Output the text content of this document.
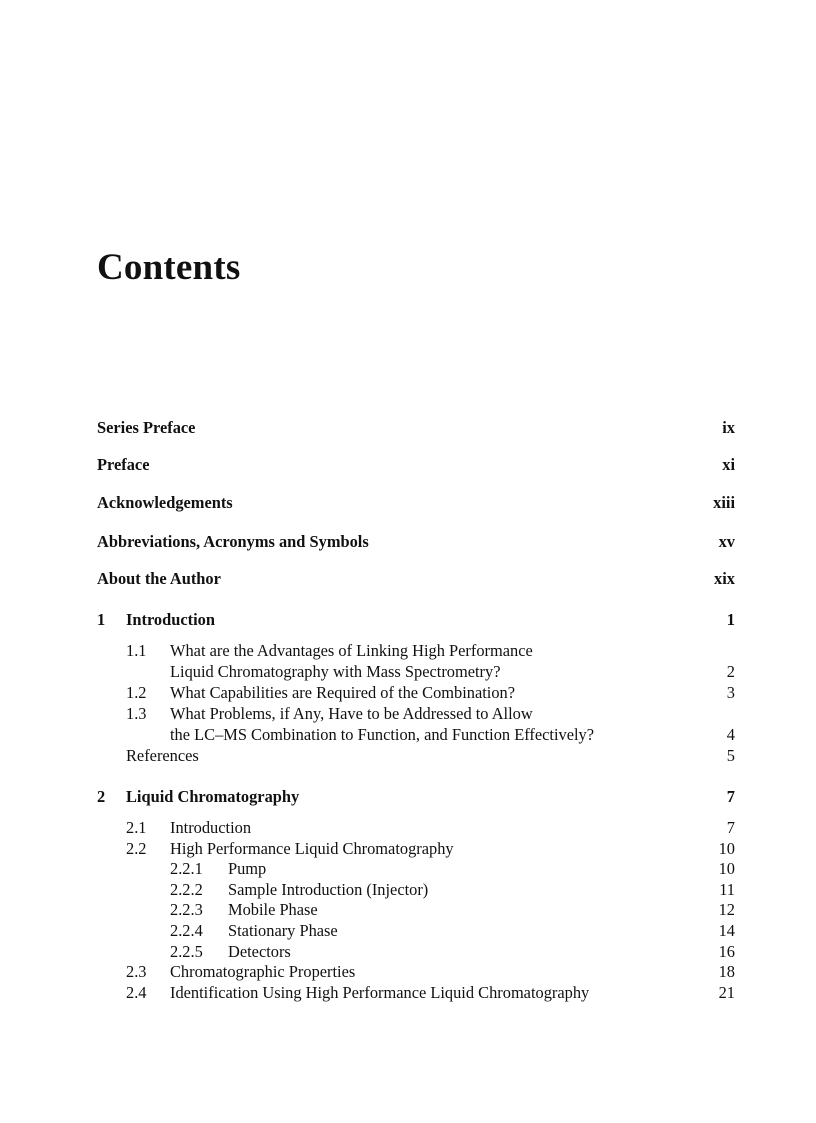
Contents
Series Preface	ix
Preface	xi
Acknowledgements	xiii
Abbreviations, Acronyms and Symbols	xv
About the Author	xix
1 Introduction	1
1.1 What are the Advantages of Linking High Performance
Liquid Chromatography with Mass Spectrometry?	2
1.2 What Capabilities are Required of the Combination?	3
1.3 What Problems, if Any, Have to be Addressed to Allow
the LC–MS Combination to Function, and Function Effectively?	4
References	5
2 Liquid Chromatography	7
2.1 Introduction	7
2.2 High Performance Liquid Chromatography	10
2.2.1 Pump	10
2.2.2 Sample Introduction (Injector)	11
2.2.3 Mobile Phase	12
2.2.4 Stationary Phase	14
2.2.5 Detectors	16
2.3 Chromatographic Properties	18
2.4 Identification Using High Performance Liquid Chromatography	21
